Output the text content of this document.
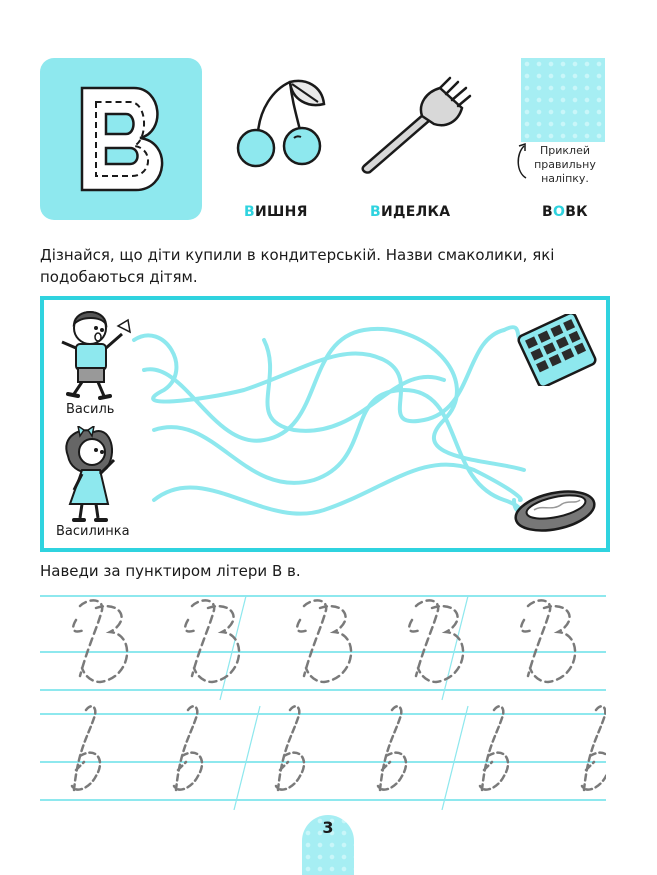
ВИШНЯ	ВИДЕЛКА	ВОВК
Приклей правильну наліпку.
Дізнайся, що діти купили в кондитерській. Назви смаколики, які подобаються дітям.
Василь
Василинка
Наведи за пунктиром літери В в.
3
